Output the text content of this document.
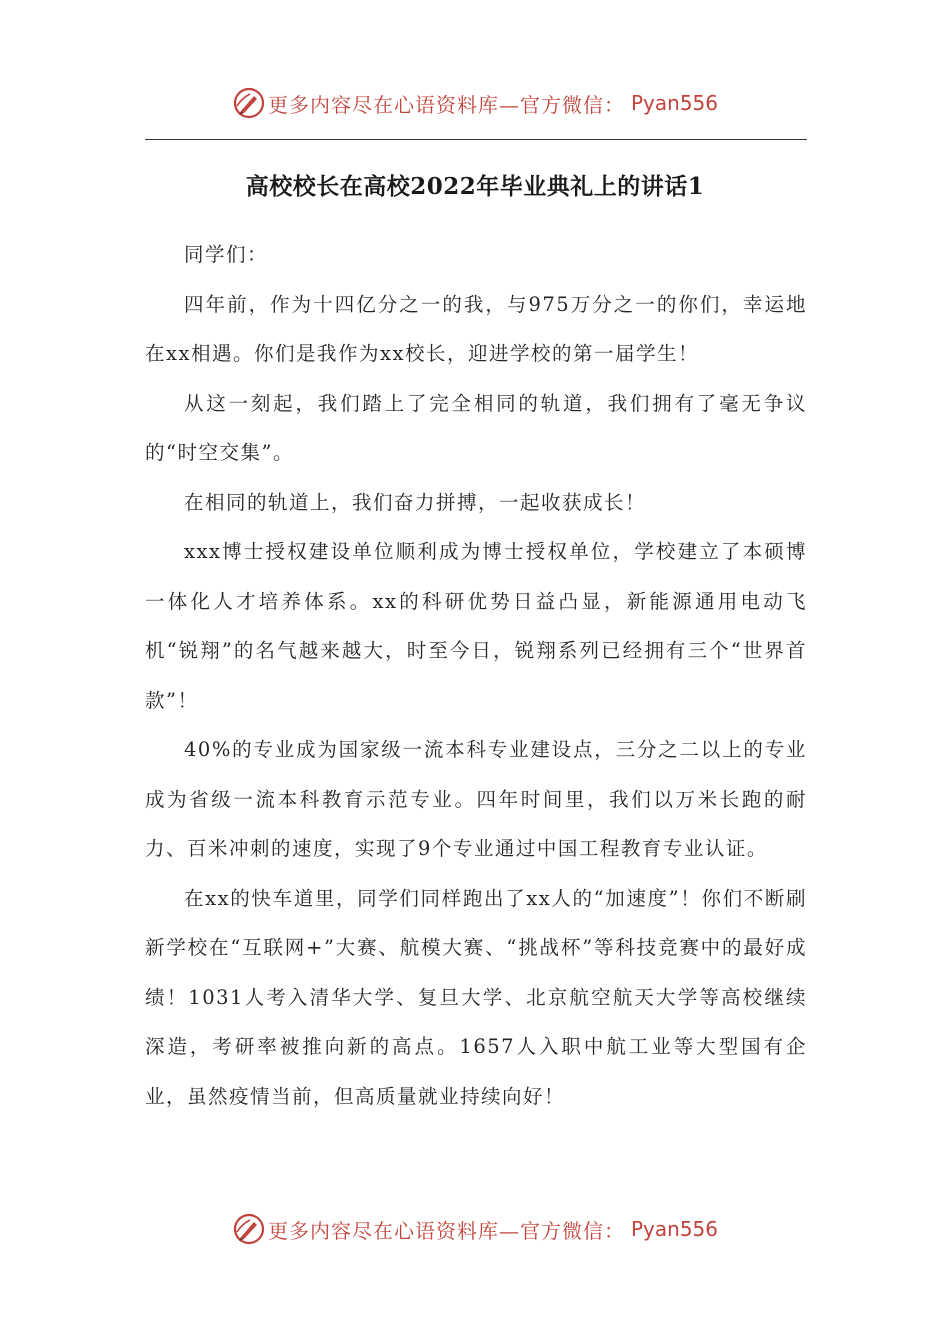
更多内容尽在心语资料库—官方微信： Pyan556
高校校长在高校2022年毕业典礼上的讲话1

同学们：

四年前，作为十四亿分之一的我，与975万分之一的你们，幸运地在xx相遇。你们是我作为xx校长，迎进学校的第一届学生！

从这一刻起，我们踏上了完全相同的轨道，我们拥有了毫无争议的“时空交集”。

在相同的轨道上，我们奋力拼搏，一起收获成长！

xxx博士授权建设单位顺利成为博士授权单位，学校建立了本硕博一体化人才培养体系。xx的科研优势日益凸显，新能源通用电动飞机“锐翔”的名气越来越大，时至今日，锐翔系列已经拥有三个“世界首款”！

40%的专业成为国家级一流本科专业建设点，三分之二以上的专业成为省级一流本科教育示范专业。四年时间里，我们以万米长跑的耐力、百米冲刺的速度，实现了9个专业通过中国工程教育专业认证。

在xx的快车道里，同学们同样跑出了xx人的“加速度”！你们不断刷新学校在“互联网+”大赛、航模大赛、“挑战杯”等科技竞赛中的最好成绩！1031人考入清华大学、复旦大学、北京航空航天大学等高校继续深造，考研率被推向新的高点。1657人入职中航工业等大型国有企业，虽然疫情当前，但高质量就业持续向好！

更多内容尽在心语资料库—官方微信： Pyan556
